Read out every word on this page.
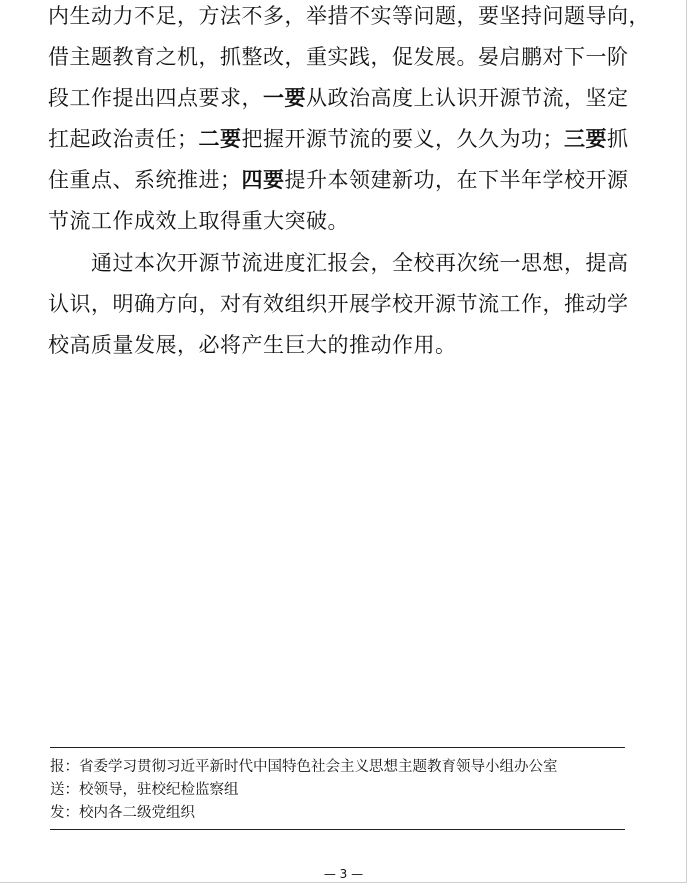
内生动力不足，方法不多，举措不实等问题，要坚持问题导向，
借主题教育之机，抓整改，重实践，促发展。晏启鹏对下一阶
段工作提出四点要求，一要从政治高度上认识开源节流，坚定
扛起政治责任；二要把握开源节流的要义，久久为功；三要抓
住重点、系统推进；四要提升本领建新功，在下半年学校开源
节流工作成效上取得重大突破。
　　通过本次开源节流进度汇报会，全校再次统一思想，提高
认识，明确方向，对有效组织开展学校开源节流工作，推动学
校高质量发展，必将产生巨大的推动作用。
报：省委学习贯彻习近平新时代中国特色社会主义思想主题教育领导小组办公室
送：校领导，驻校纪检监察组
发：校内各二级党组织
— 3 —
